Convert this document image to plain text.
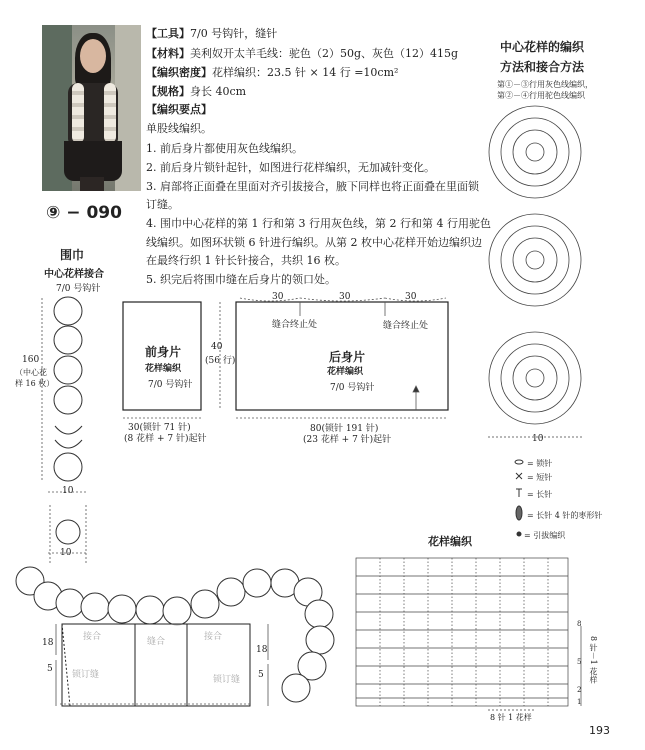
【工具】7/0 号钩针，缝针
【材料】美利奴开太羊毛线：驼色（2）50g、灰色（12）415g
【编织密度】花样编织：23.5 针 × 14 行 =10cm²
【规格】身长 40cm
【编织要点】
单股线编织。
1. 前后身片都使用灰色线编织。
2. 前后身片锁针起针，如图进行花样编织，无加减针变化。
3. 肩部将正面叠在里面对齐引拔接合，腋下同样也将正面叠在里面锁
订缝。
4. 围巾中心花样的第 1 行和第 3 行用灰色线，第 2 行和第 4 行用驼色
线编织。如图环状锁 6 针进行编织。从第 2 枚中心花样开始边编织边
在最终行织 1 针长针接合，共织 16 枚。
5. 织完后将围巾缝在后身片的领口处。
⑨ − 090
中心花样的编织
方法和接合方法
第①－③行用灰色线编织，
第②－④行用驼色线编织
围巾
中心花样接合
7/0 号钩针
160
（中心花
样 16 枚）
10
10
前身片
花样编织
7/0 号钩针
40
(56 行)
30(锁针 71 针)
(8 花样 + 7 针)起针
30	30	30
缝合终止处	缝合终止处
后身片
花样编织
7/0 号钩针
80(锁针 191 针)
(23 花样 + 7 针)起针	10
= 锁针
= 短针
= 长针
= 长针 4 针的枣形针
= 引拔编织
18
18
5
5
花样编织
8 针－1 花样
8 针 1 花样
8
5
2
1
193
